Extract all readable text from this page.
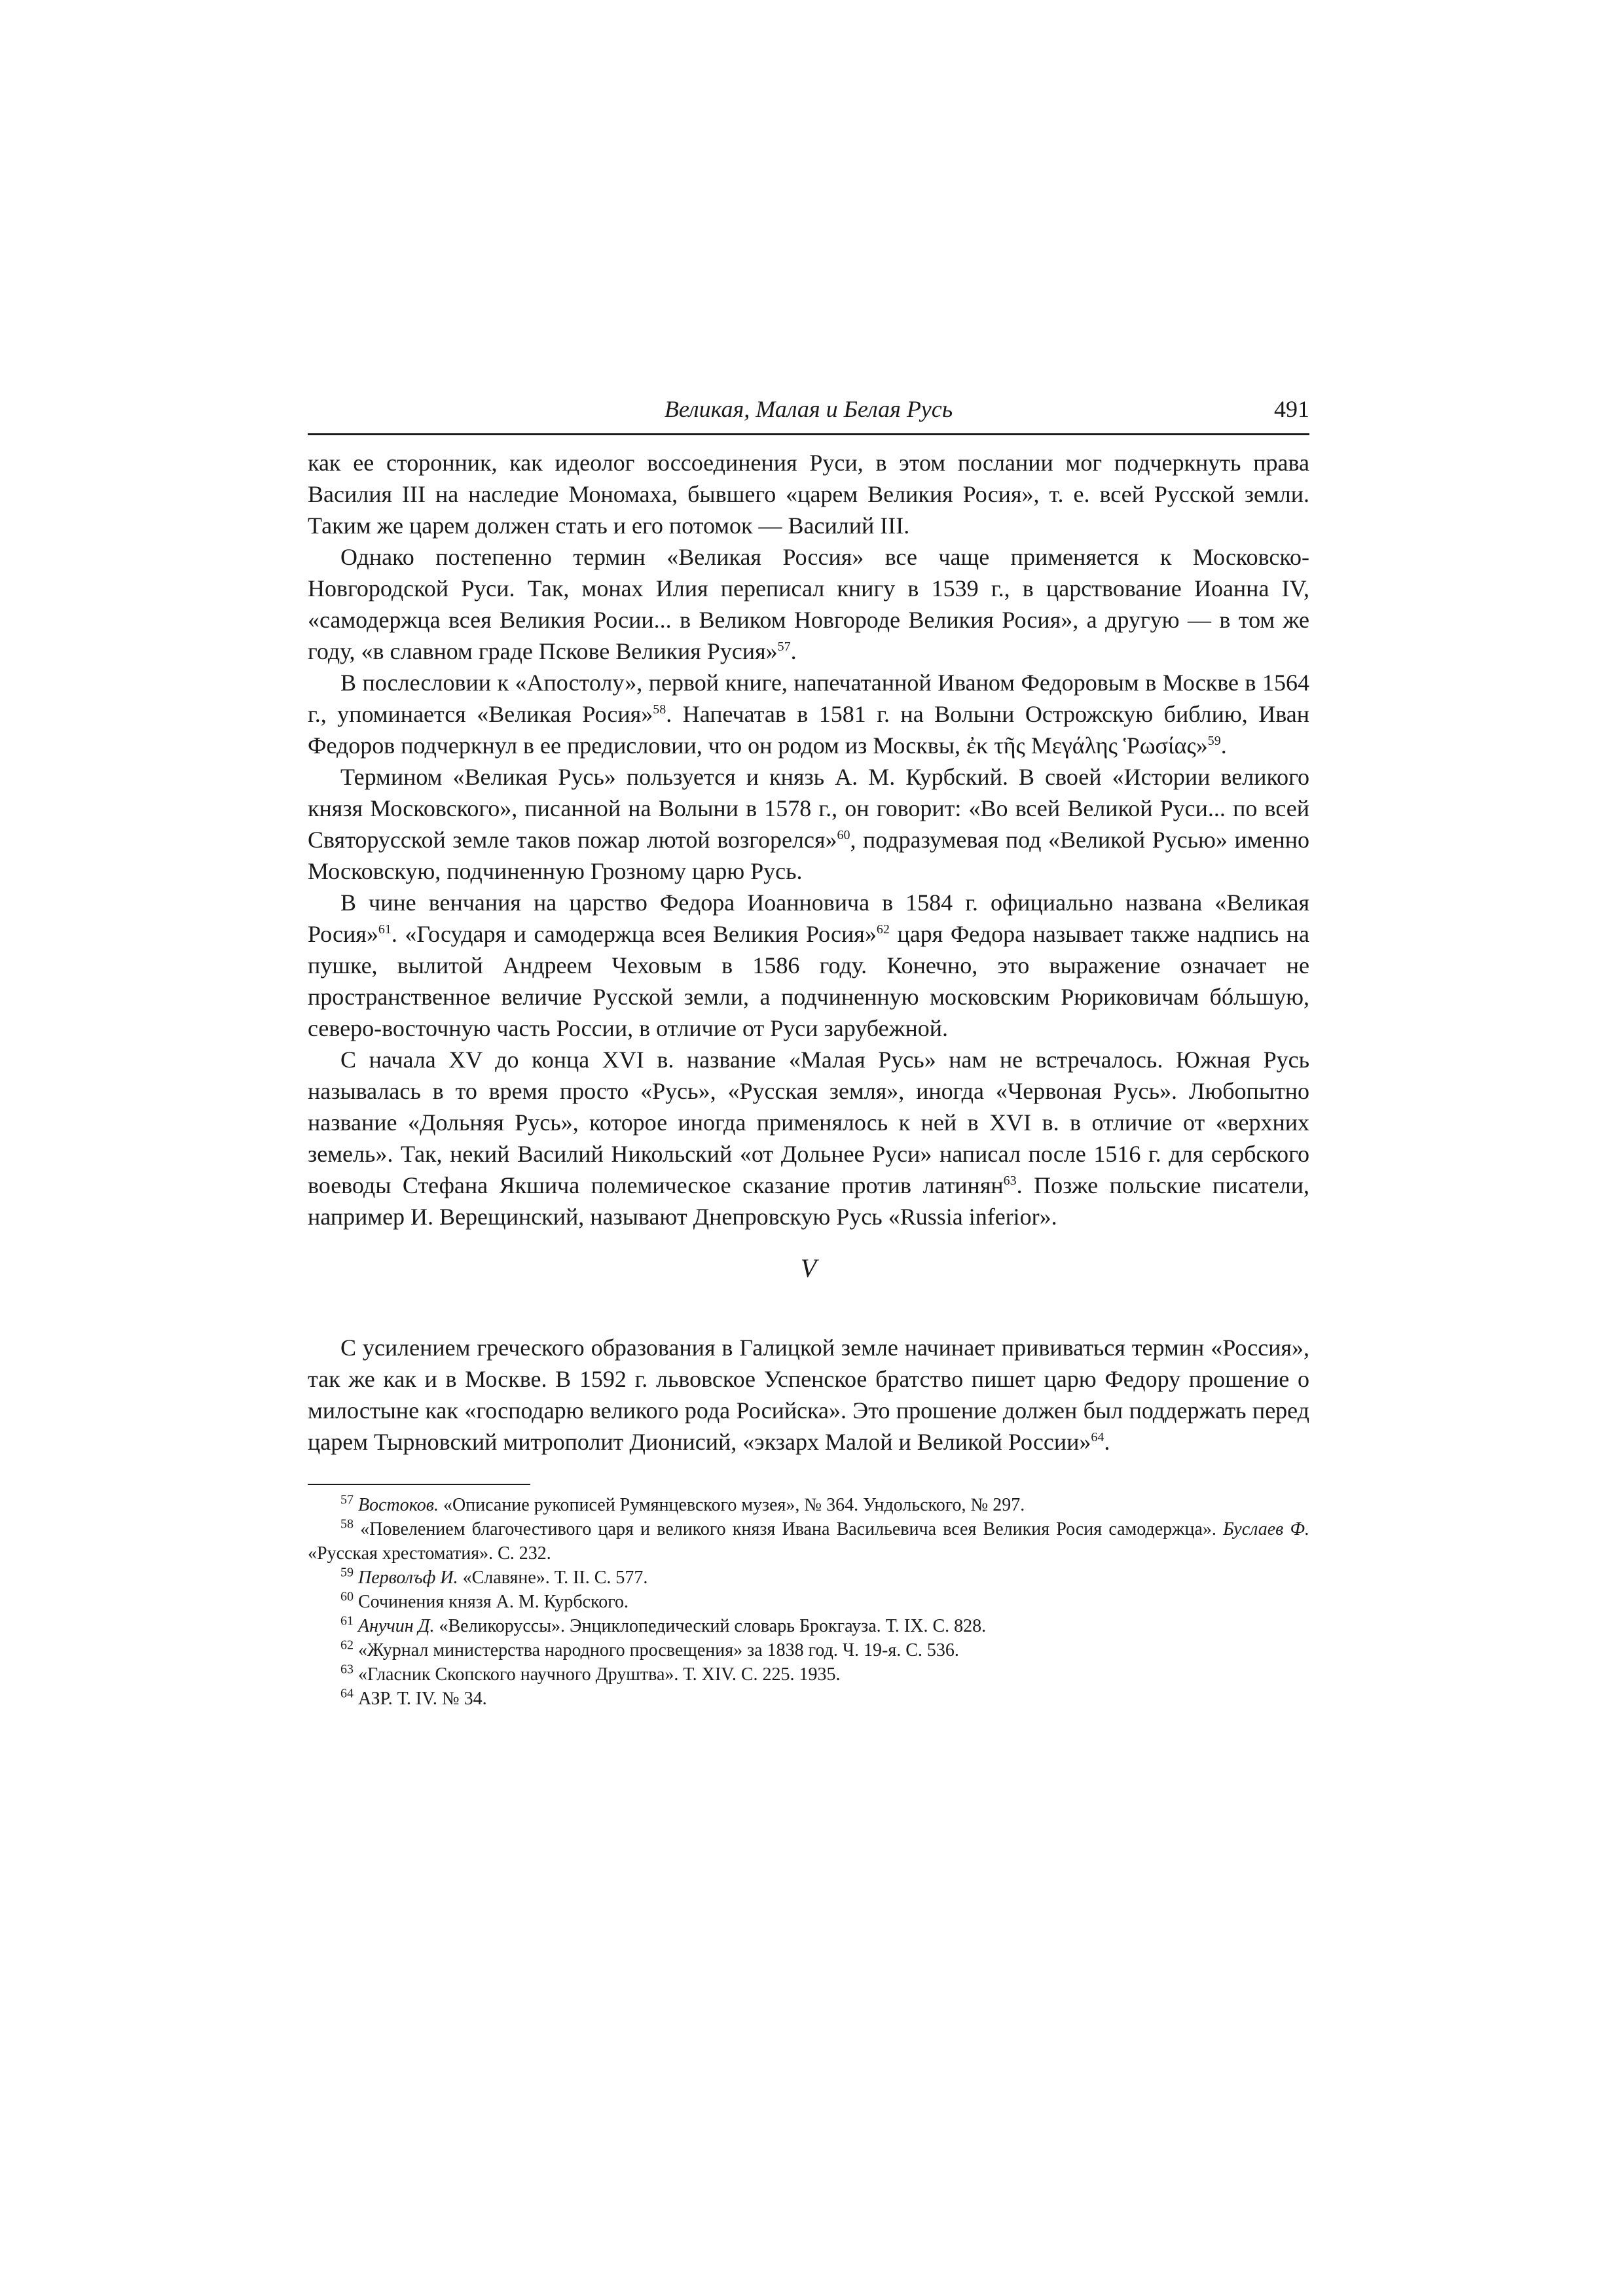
Великая, Малая и Белая Русь	491

как ее сторонник, как идеолог воссоединения Руси, в этом послании мог подчеркнуть права Василия III на наследие Мономаха, бывшего «царем Великия Росия», т. е. всей Русской земли. Таким же царем должен стать и его потомок — Василий III.

Однако постепенно термин «Великая Россия» все чаще применяется к Московско-Новгородской Руси. Так, монах Илия переписал книгу в 1539 г., в царствование Иоанна IV, «самодержца всея Великия Росии... в Великом Новгороде Великия Росия», а другую — в том же году, «в славном граде Пскове Великия Русия»$^{57}$.

В послесловии к «Апостолу», первой книге, напечатанной Иваном Федоровым в Москве в 1564 г., упоминается «Великая Росия»$^{58}$. Напечатав в 1581 г. на Волыни Острожскую библию, Иван Федоров подчеркнул в ее предисловии, что он родом из Москвы, ἐκ τῆς Μεγάλης Ῥωσίας»$^{59}$.

Термином «Великая Русь» пользуется и князь А. М. Курбский. В своей «Истории великого князя Московского», писанной на Волыни в 1578 г., он говорит: «Во всей Великой Руси... по всей Святорусской земле таков пожар лютой возгорелся»$^{60}$, подразумевая под «Великой Русью» именно Московскую, подчиненную Грозному царю Русь.

В чине венчания на царство Федора Иоанновича в 1584 г. официально названа «Великая Росия»$^{61}$. «Государя и самодержца всея Великия Росия»$^{62}$ царя Федора называет также надпись на пушке, вылитой Андреем Чеховым в 1586 году. Конечно, это выражение означает не пространственное величие Русской земли, а подчиненную московским Рюриковичам бóльшую, северо-восточную часть России, в отличие от Руси зарубежной.

С начала XV до конца XVI в. название «Малая Русь» нам не встречалось. Южная Русь называлась в то время просто «Русь», «Русская земля», иногда «Червоная Русь». Любопытно название «Дольняя Русь», которое иногда применялось к ней в XVI в. в отличие от «верхних земель». Так, некий Василий Никольский «от Дольнее Руси» написал после 1516 г. для сербского воеводы Стефана Якшича полемическое сказание против латинян$^{63}$. Позже польские писатели, например И. Верещинский, называют Днепровскую Русь «Russia inferior».

V

С усилением греческого образования в Галицкой земле начинает прививаться термин «Россия», так же как и в Москве. В 1592 г. львовское Успенское братство пишет царю Федору прошение о милостыне как «господарю великого рода Росийска». Это прошение должен был поддержать перед царем Тырновский митрополит Дионисий, «экзарх Малой и Великой России»$^{64}$.

$^{57}$ Востоков. «Описание рукописей Румянцевского музея», № 364. Ундольского, № 297.
$^{58}$ «Повелением благочестивого царя и великого князя Ивана Васильевича всея Великия Росия самодержца». Буслаев Ф. «Русская хрестоматия». С. 232.
$^{59}$ Перволъф И. «Славяне». Т. II. С. 577.
$^{60}$ Сочинения князя А. М. Курбского.
$^{61}$ Анучин Д. «Великоруссы». Энциклопедический словарь Брокгауза. Т. IX. С. 828.
$^{62}$ «Журнал министерства народного просвещения» за 1838 год. Ч. 19-я. С. 536.
$^{63}$ «Гласник Скопского научного Друштва». Т. XIV. С. 225. 1935.
$^{64}$ АЗР. Т. IV. № 34.
